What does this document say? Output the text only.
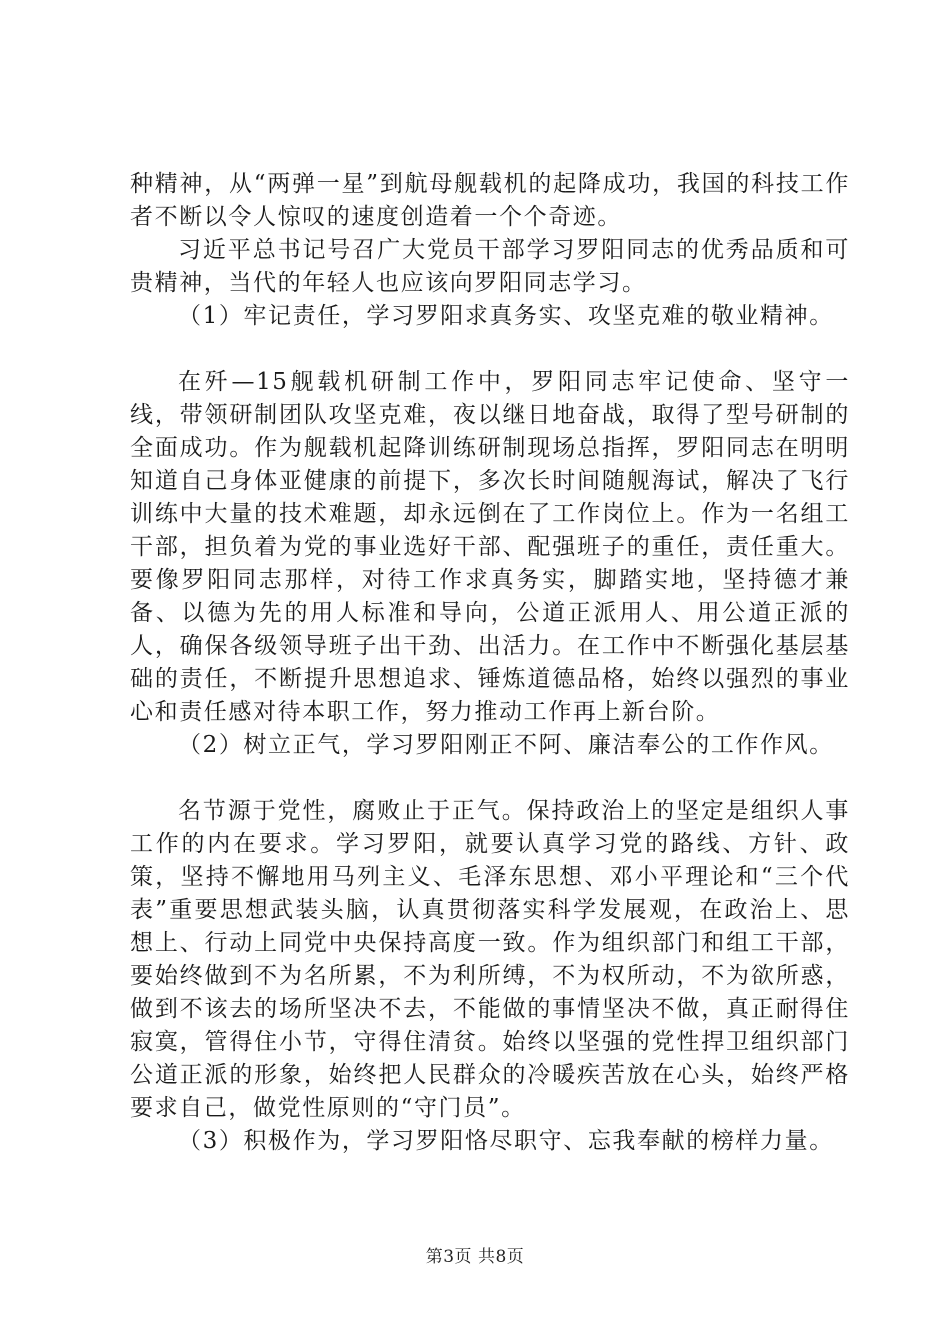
种精神，从“两弹一星”到航母舰载机的起降成功，我国的科技工作者不断以令人惊叹的速度创造着一个个奇迹。

习近平总书记号召广大党员干部学习罗阳同志的优秀品质和可贵精神，当代的年轻人也应该向罗阳同志学习。

（1）牢记责任，学习罗阳求真务实、攻坚克难的敬业精神。

在歼—15舰载机研制工作中，罗阳同志牢记使命、坚守一线，带领研制团队攻坚克难，夜以继日地奋战，取得了型号研制的全面成功。作为舰载机起降训练研制现场总指挥，罗阳同志在明明知道自己身体亚健康的前提下，多次长时间随舰海试，解决了飞行训练中大量的技术难题，却永远倒在了工作岗位上。作为一名组工干部，担负着为党的事业选好干部、配强班子的重任，责任重大。要像罗阳同志那样，对待工作求真务实，脚踏实地，坚持德才兼备、以德为先的用人标准和导向，公道正派用人、用公道正派的人，确保各级领导班子出干劲、出活力。在工作中不断强化基层基础的责任，不断提升思想追求、锤炼道德品格，始终以强烈的事业心和责任感对待本职工作，努力推动工作再上新台阶。

（2）树立正气，学习罗阳刚正不阿、廉洁奉公的工作作风。

名节源于党性，腐败止于正气。保持政治上的坚定是组织人事工作的内在要求。学习罗阳，就要认真学习党的路线、方针、政策，坚持不懈地用马列主义、毛泽东思想、邓小平理论和“三个代表”重要思想武装头脑，认真贯彻落实科学发展观，在政治上、思想上、行动上同党中央保持高度一致。作为组织部门和组工干部，要始终做到不为名所累，不为利所缚，不为权所动，不为欲所惑，做到不该去的场所坚决不去，不能做的事情坚决不做，真正耐得住寂寞，管得住小节，守得住清贫。始终以坚强的党性捍卫组织部门公道正派的形象，始终把人民群众的冷暖疾苦放在心头，始终严格要求自己，做党性原则的“守门员”。

（3）积极作为，学习罗阳恪尽职守、忘我奉献的榜样力量。

第3页 共8页
